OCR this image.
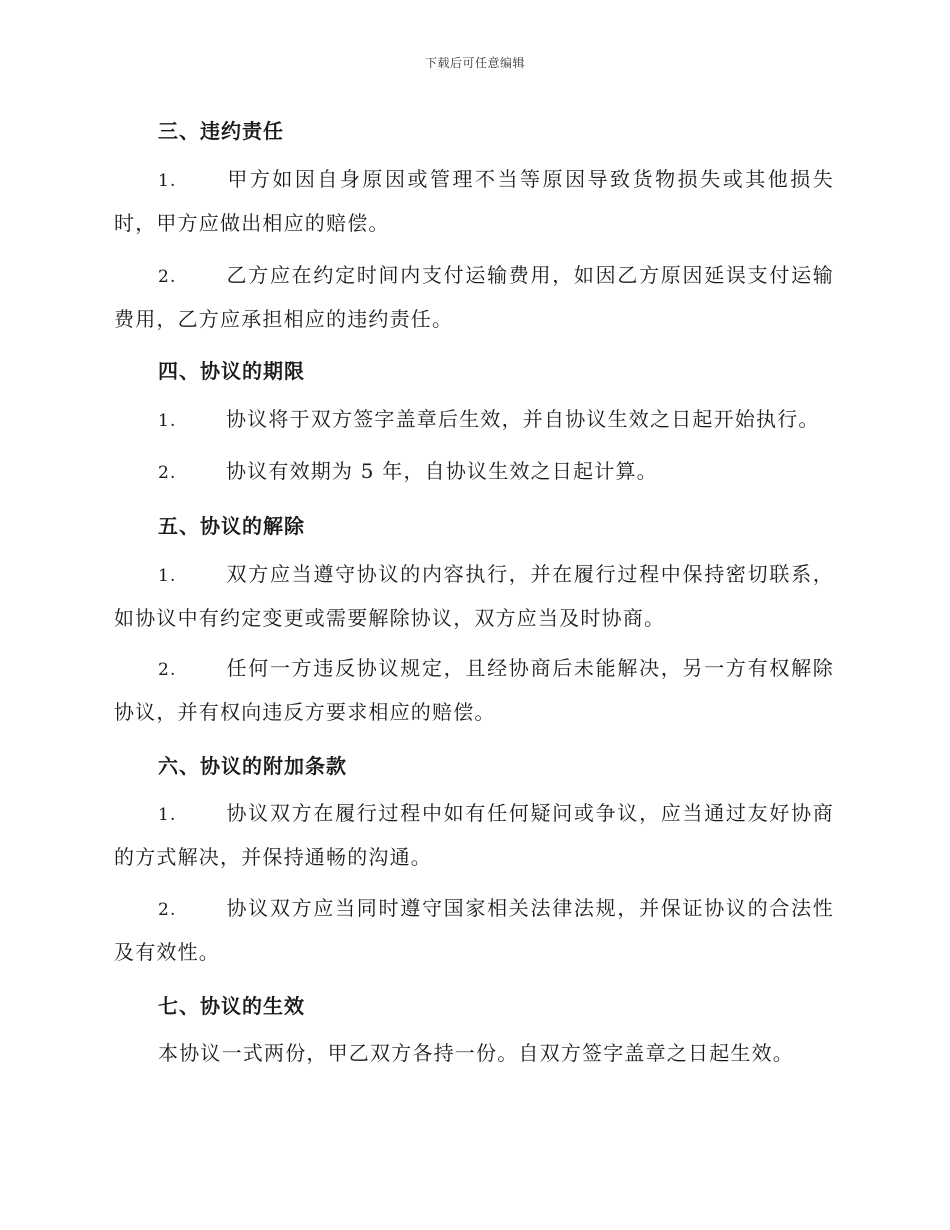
下载后可任意编辑
三、违约责任
1. 甲方如因自身原因或管理不当等原因导致货物损失或其他损失时，甲方应做出相应的赔偿。
2. 乙方应在约定时间内支付运输费用，如因乙方原因延误支付运输费用，乙方应承担相应的违约责任。
四、协议的期限
1. 协议将于双方签字盖章后生效，并自协议生效之日起开始执行。
2. 协议有效期为 5 年，自协议生效之日起计算。
五、协议的解除
1. 双方应当遵守协议的内容执行，并在履行过程中保持密切联系，如协议中有约定变更或需要解除协议，双方应当及时协商。
2. 任何一方违反协议规定，且经协商后未能解决，另一方有权解除协议，并有权向违反方要求相应的赔偿。
六、协议的附加条款
1. 协议双方在履行过程中如有任何疑问或争议，应当通过友好协商的方式解决，并保持通畅的沟通。
2. 协议双方应当同时遵守国家相关法律法规，并保证协议的合法性及有效性。
七、协议的生效
本协议一式两份，甲乙双方各持一份。自双方签字盖章之日起生效。
